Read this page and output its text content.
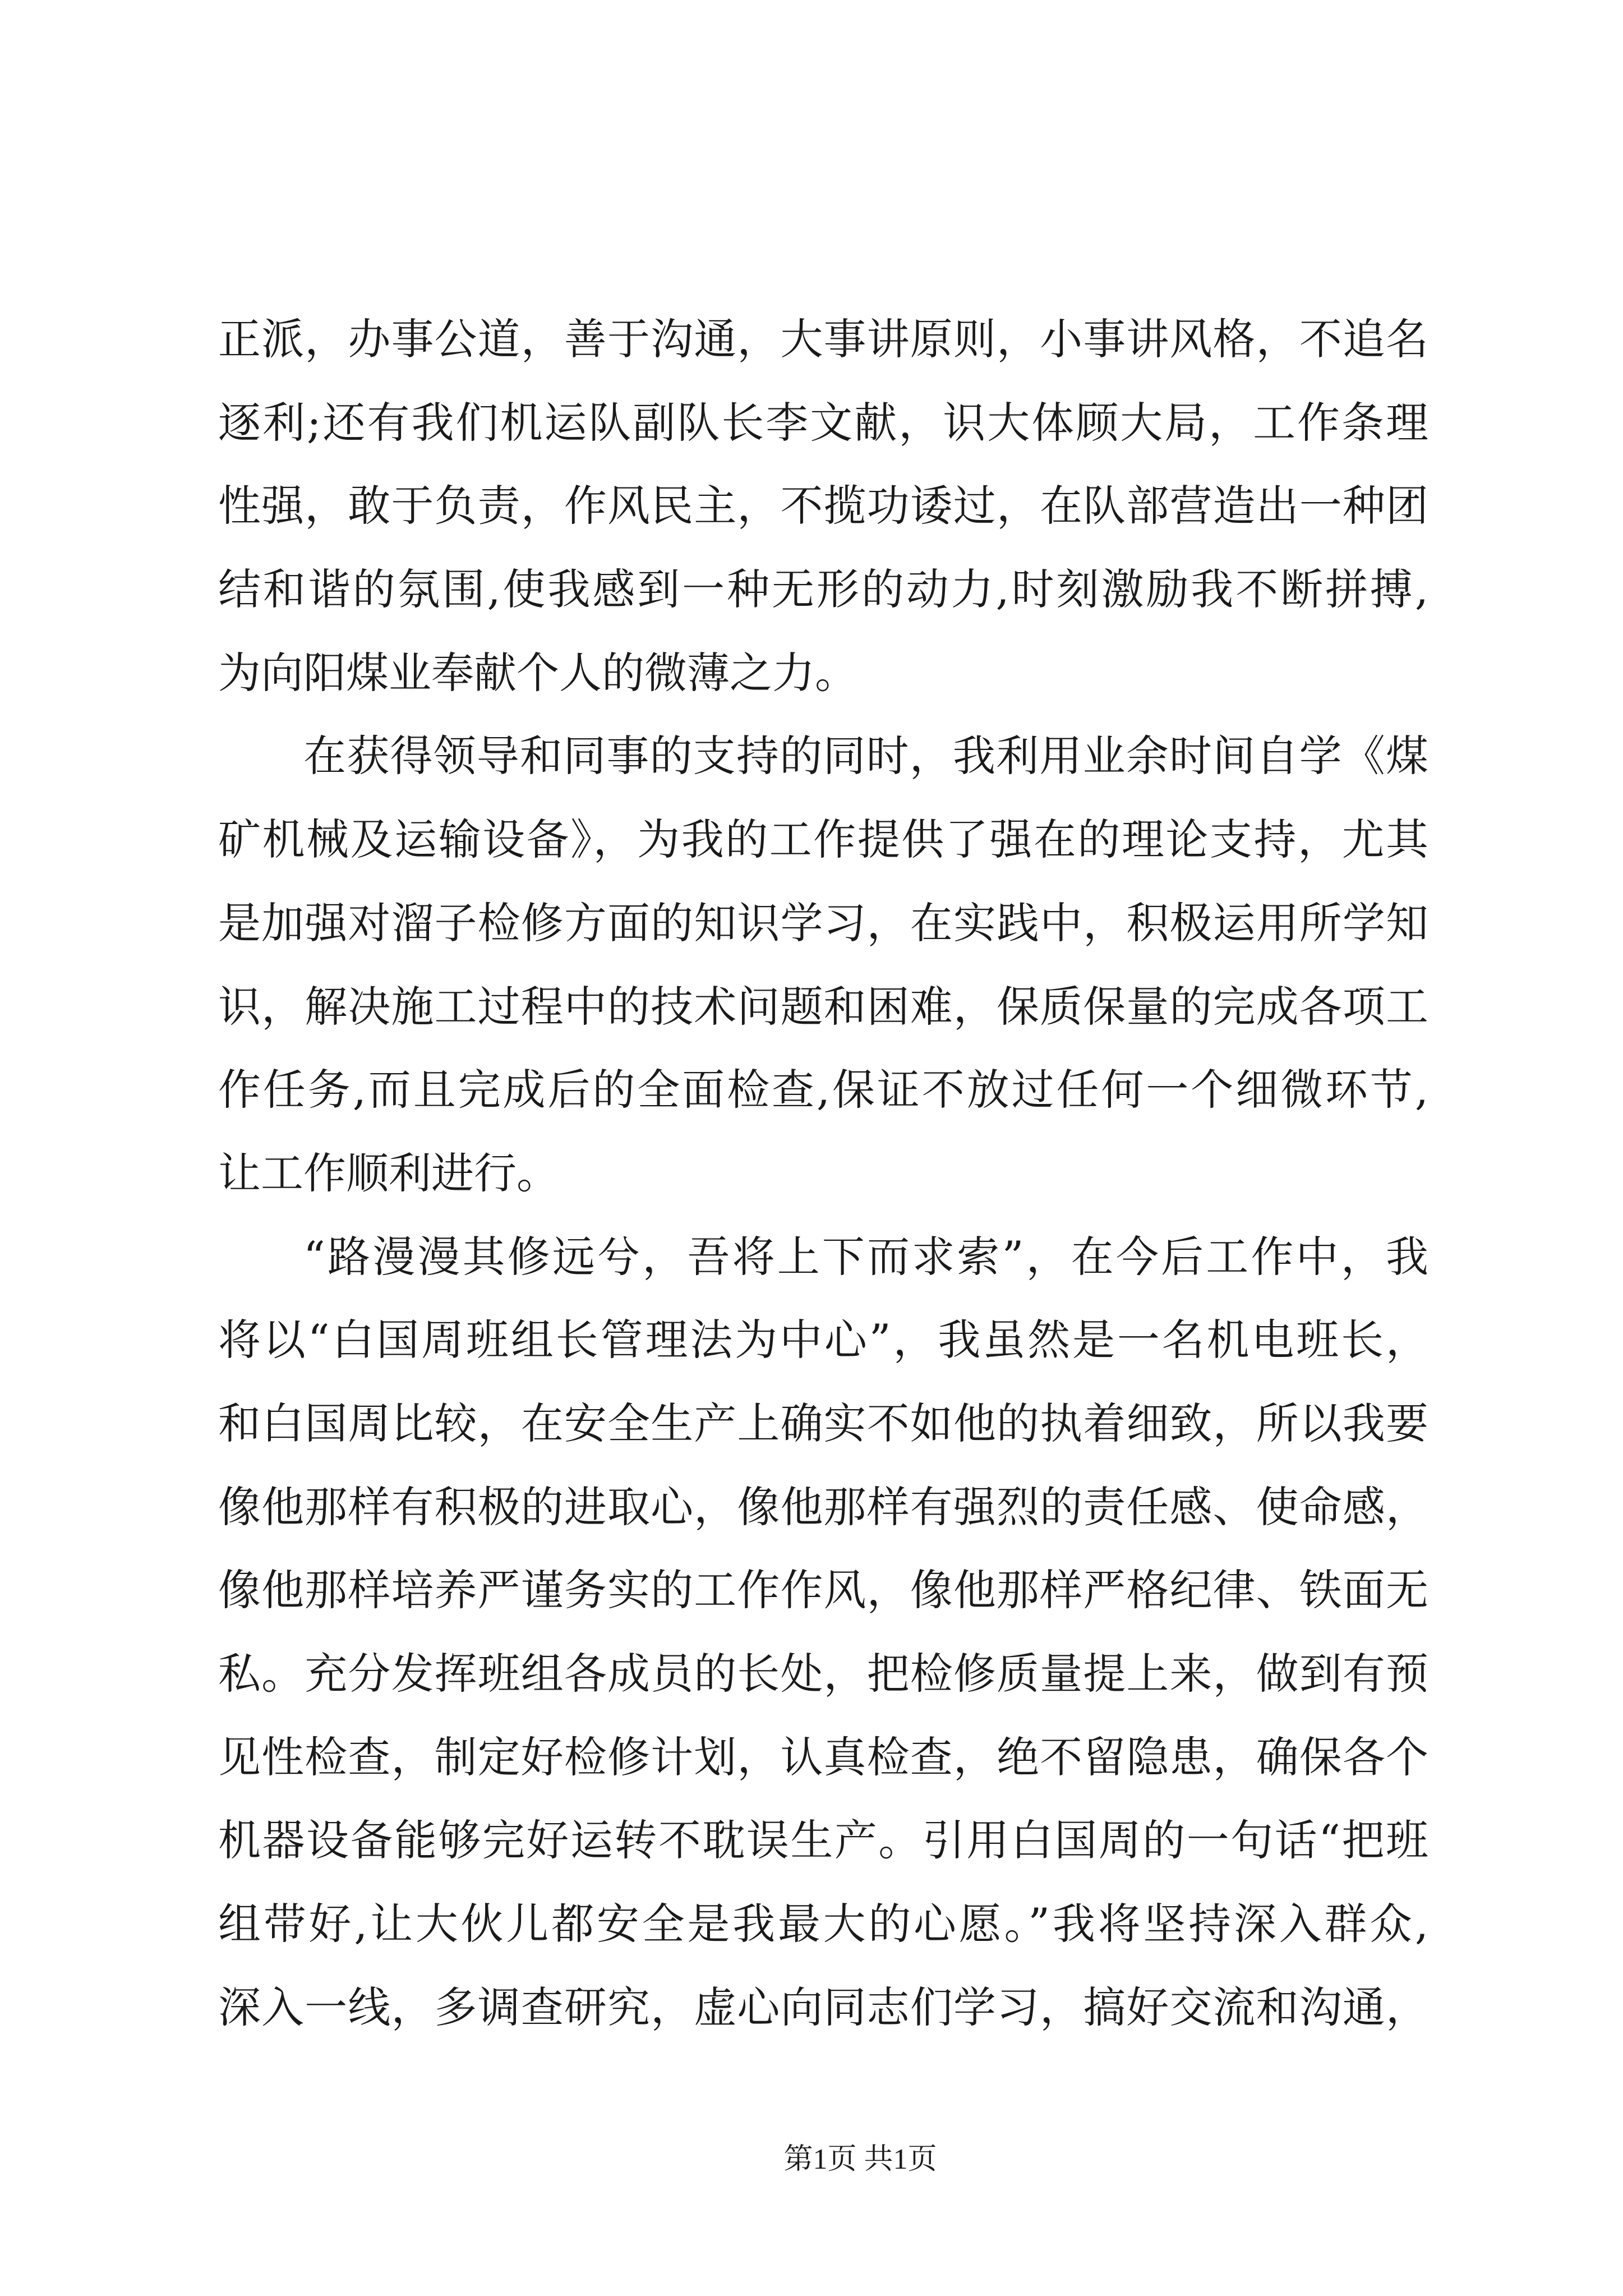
正派，办事公道，善于沟通，大事讲原则，小事讲风格，不追名
逐利;还有我们机运队副队长李文献，识大体顾大局，工作条理
性强，敢于负责，作风民主，不揽功诿过，在队部营造出一种团
结和谐的氛围,使我感到一种无形的动力,时刻激励我不断拼搏,
为向阳煤业奉献个人的微薄之力。
在获得领导和同事的支持的同时，我利用业余时间自学《煤
矿机械及运输设备》，为我的工作提供了强在的理论支持，尤其
是加强对溜子检修方面的知识学习，在实践中，积极运用所学知
识，解决施工过程中的技术问题和困难，保质保量的完成各项工
作任务,而且完成后的全面检查,保证不放过任何一个细微环节,
让工作顺利进行。
“路漫漫其修远兮，吾将上下而求索”，在今后工作中，我
将以“白国周班组长管理法为中心”，我虽然是一名机电班长，
和白国周比较，在安全生产上确实不如他的执着细致，所以我要
像他那样有积极的进取心，像他那样有强烈的责任感、使命感，
像他那样培养严谨务实的工作作风，像他那样严格纪律、铁面无
私。充分发挥班组各成员的长处，把检修质量提上来，做到有预
见性检查，制定好检修计划，认真检查，绝不留隐患，确保各个
机器设备能够完好运转不耽误生产。引用白国周的一句话“把班
组带好,让大伙儿都安全是我最大的心愿。”我将坚持深入群众,
深入一线，多调查研究，虚心向同志们学习，搞好交流和沟通，
第1页 共1页
